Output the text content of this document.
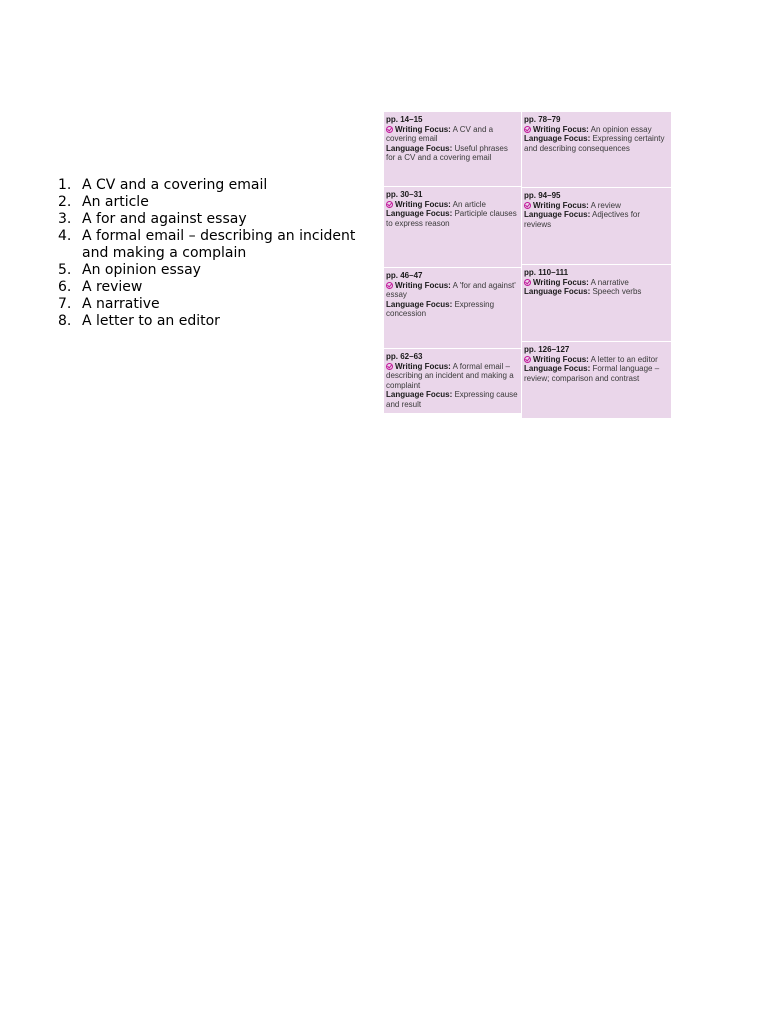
1. A CV and a covering email
2. An article
3. A for and against essay
4. A formal email – describing an incident and making a complain
5. An opinion essay
6. A review
7. A narrative
8. A letter to an editor
pp. 14–15
Writing Focus: A CV and a covering email
Language Focus: Useful phrases for a CV and a covering email
pp. 30–31
Writing Focus: An article
Language Focus: Participle clauses to express reason
pp. 46–47
Writing Focus: A 'for and against' essay
Language Focus: Expressing concession
pp. 62–63
Writing Focus: A formal email – describing an incident and making a complaint
Language Focus: Expressing cause and result
pp. 78–79
Writing Focus: An opinion essay
Language Focus: Expressing certainty and describing consequences
pp. 94–95
Writing Focus: A review
Language Focus: Adjectives for reviews
pp. 110–111
Writing Focus: A narrative
Language Focus: Speech verbs
pp. 126–127
Writing Focus: A letter to an editor
Language Focus: Formal language – review; comparison and contrast
